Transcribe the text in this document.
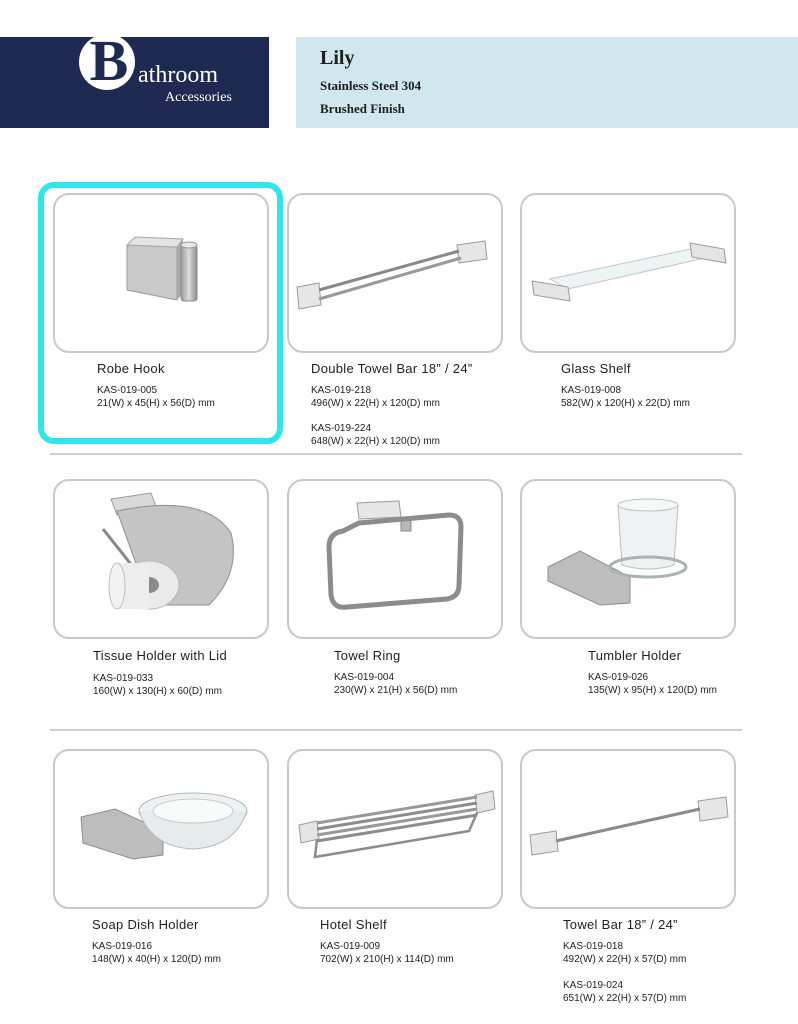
B athroom
Accessories
Lily
Stainless Steel 304
Brushed Finish
Robe Hook
KAS-019-005
21(W) x 45(H) x 56(D) mm
Double Towel Bar 18” / 24”
KAS-019-218
496(W) x 22(H) x 120(D) mm
KAS-019-224
648(W) x 22(H) x 120(D) mm
Glass Shelf
KAS-019-008
582(W) x 120(H) x 22(D) mm
Tissue Holder with Lid
KAS-019-033
160(W) x 130(H) x 60(D) mm
Towel Ring
KAS-019-004
230(W) x 21(H) x 56(D) mm
Tumbler Holder
KAS-019-026
135(W) x 95(H) x 120(D) mm
Soap Dish Holder
KAS-019-016
148(W) x 40(H) x 120(D) mm
Hotel Shelf
KAS-019-009
702(W) x 210(H) x 114(D) mm
Towel Bar 18” / 24”
KAS-019-018
492(W) x 22(H) x 57(D) mm
KAS-019-024
651(W) x 22(H) x 57(D) mm
